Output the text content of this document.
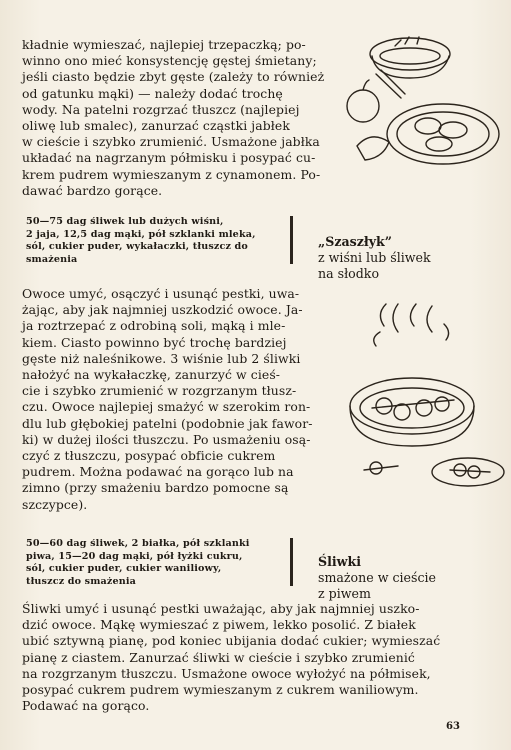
kładnie wymieszać, najlepiej trzepaczką; po-
winno ono mieć konsystencję gęstej śmietany;
jeśli ciasto będzie zbyt gęste (zależy to również
od gatunku mąki) — należy dodać trochę
wody. Na patelni rozgrzać tłuszcz (najlepiej
oliwę lub smalec), zanurzać cząstki jabłek
w cieście i szybko zrumienić. Usmażone jabłka
układać na nagrzanym półmisku i posypać cu-
krem pudrem wymieszanym z cynamonem. Po-
dawać bardzo gorące.

50—75 dag śliwek lub dużych wiśni,
2 jaja, 12,5 dag mąki, pół szklanki mleka,
sól, cukier puder, wykałaczki, tłuszcz do
smażenia

„Szaszłyk”

z wiśni lub śliwek
na słodko

Owoce umyć, osączyć i usunąć pestki, uwa-
żając, aby jak najmniej uszkodzić owoce. Ja-
ja roztrzepać z odrobiną soli, mąką i mle-
kiem. Ciasto powinno być trochę bardziej
gęste niż naleśnikowe. 3 wiśnie lub 2 śliwki
nałożyć na wykałaczkę, zanurzyć w cieś-
cie i szybko zrumienić w rozgrzanym tłusz-
czu. Owoce najlepiej smażyć w szerokim ron-
dlu lub głębokiej patelni (podobnie jak fawor-
ki) w dużej ilości tłuszczu. Po usmażeniu osą-
czyć z tłuszczu, posypać obficie cukrem
pudrem. Można podawać na gorąco lub na
zimno (przy smażeniu bardzo pomocne są
szczypce).

50—60 dag śliwek, 2 białka, pół szklanki
piwa, 15—20 dag mąki, pół łyżki cukru,
sól, cukier puder, cukier waniliowy,
tłuszcz do smażenia

Śliwki

smażone w cieście
z piwem

Śliwki umyć i usunąć pestki uważając, aby jak najmniej uszko-
dzić owoce. Mąkę wymieszać z piwem, lekko posolić. Z białek
ubić sztywną pianę, pod koniec ubijania dodać cukier; wymieszać
pianę z ciastem. Zanurzać śliwki w cieście i szybko zrumienić
na rozgrzanym tłuszczu. Usmażone owoce wyłożyć na półmisek,
posypać cukrem pudrem wymieszanym z cukrem waniliowym.
Podawać na gorąco.

63
